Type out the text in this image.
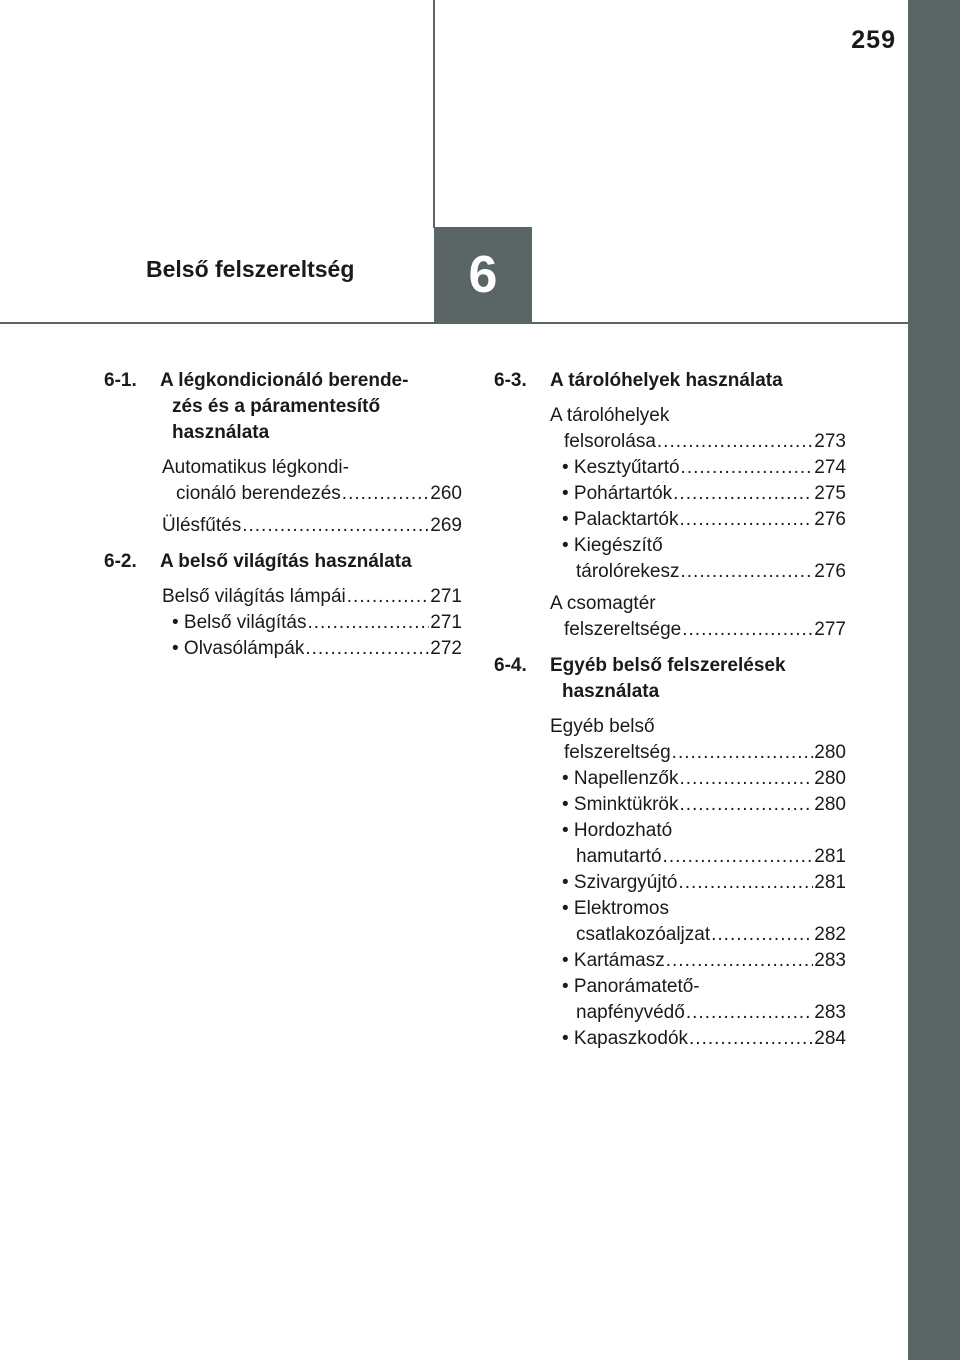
259
Belső felszereltség	6
6-1.	A légkondicionáló berende-

zés és a páramentesítő
használata
Automatikus légkondi-
cionáló berendezés .....	260
Ülésfűtés .....	269
6-2.	A belső világítás használata
Belső világítás lámpái .....	271
• Belső világítás .....	271
• Olvasólámpák .....	272
6-3.	A tárolóhelyek használata
A tárolóhelyek
felsorolása .....	273
• Kesztyűtartó .....	274
• Pohártartók .....	275
• Palacktartók .....	276
• Kiegészítő
tárolórekesz .....	276
A csomagtér
felszereltsége .....	277
6-4.	Egyéb belső felszerelések

használata
Egyéb belső
felszereltség .....	280
• Napellenzők .....	280
• Sminktükrök .....	280
• Hordozható
hamutartó .....	281
• Szivargyújtó .....	281
• Elektromos
csatlakozóaljzat .....	282
• Kartámasz .....	283
• Panorámatető-
napfényvédő .....	283
• Kapaszkodók .....	284
